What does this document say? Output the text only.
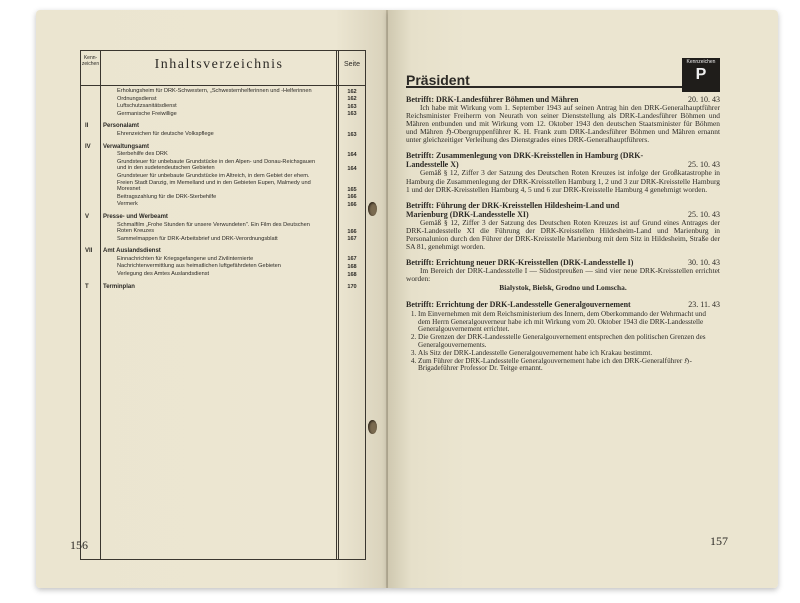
Kenn-zeichen	Inhaltsverzeichnis	Seite
Erholungsheim für DRK-Schwestern, „Schwesternhelferinnen und -Helferinnen	162
Ordnungsdienst	162
Luftschutzsanitätsdienst	163
Germanische Freiwillige	163
II	Personalamt
Ehrenzeichen für deutsche Volkspflege	163
IV	Verwaltungsamt
Sterbehilfe des DRK	164
Grundsteuer für unbebaute Grundstücke in den Alpen- und Donau-Reichsgauen und in den sudetendeutschen Gebieten	164
Grundsteuer für unbebaute Grundstücke im Altreich, in dem Gebiet der ehem. Freien Stadt Danzig, im Memelland und in den Gebieten Eupen, Malmedy und Moresnet	165
Beitragszahlung für die DRK-Sterbehilfe	166
Vermerk	166
V	Presse- und Werbeamt
Schmalfilm „Frohe Stunden für unsere Verwundeten". Ein Film des Deutschen Roten Kreuzes	166
Sammelmappen für DRK-Arbeitsbrief und DRK-Verordnungsblatt	167
VII	Amt Auslandsdienst
Einnachrichten für Kriegsgefangene und Zivilinternierte	167
Nachrichtenvermittlung aus heimatlichen luftgefährdeten Gebieten	168
Verlegung des Amtes Auslandsdienst	168
T	Terminplan	170
156	157
Präsident
Kennzeichen
P
Betrifft: DRK-Landesführer Böhmen und Mähren	20. 10. 43
Ich habe mit Wirkung vom 1. September 1943 auf seinen Antrag hin den DRK-Generalhauptführer Reichsminister Freiherrn von Neurath von seiner Dienststellung als DRK-Landesführer Böhmen und Mähren entbunden und mit Wirkung vom 12. Oktober 1943 den deutschen Staatsminister für Böhmen und Mähren ℌ-Obergruppenführer K. H. Frank zum DRK-Landesführer Böhmen und Mähren ernannt unter gleichzeitiger Verleihung des Dienstgrades eines DRK-Generalhauptführers.
Betrifft: Zusammenlegung von DRK-Kreisstellen in Hamburg (DRK-Landesstelle X)	25. 10. 43
Gemäß § 12, Ziffer 3 der Satzung des Deutschen Roten Kreuzes ist infolge der Großkatastrophe in Hamburg die Zusammenlegung der DRK-Kreisstellen Hamburg 1, 2 und 3 zur DRK-Kreisstelle Hamburg 1 und der DRK-Kreisstellen Hamburg 4, 5 und 6 zur DRK-Kreisstelle Hamburg 4 genehmigt worden.
Betrifft: Führung der DRK-Kreisstellen Hildesheim-Land und Marienburg (DRK-Landesstelle XI)	25. 10. 43
Gemäß § 12, Ziffer 3 der Satzung des Deutschen Roten Kreuzes ist auf Grund eines Antrages der DRK-Landesstelle XI die Führung der DRK-Kreisstellen Hildesheim-Land und Marienburg in Personalunion durch den Führer der DRK-Kreisstelle Marienburg mit dem Sitz in Hildesheim, Straße der SA 81, genehmigt worden.
Betrifft: Errichtung neuer DRK-Kreisstellen (DRK-Landesstelle I)	30. 10. 43
Im Bereich der DRK-Landesstelle I — Südostpreußen — sind vier neue DRK-Kreisstellen errichtet worden:
Bialystok, Bielsk, Grodno und Lomscha.
Betrifft: Errichtung der DRK-Landesstelle Generalgouvernement	23. 11. 43
1. Im Einvernehmen mit dem Reichsministerium des Innern, dem Oberkommando der Wehrmacht und dem Herrn Generalgouverneur habe ich mit Wirkung vom 20. Oktober 1943 die DRK-Landesstelle Generalgouvernement errichtet.
2. Die Grenzen der DRK-Landesstelle Generalgouvernement entsprechen den politischen Grenzen des Generalgouvernements.
3. Als Sitz der DRK-Landesstelle Generalgouvernement habe ich Krakau bestimmt.
4. Zum Führer der DRK-Landesstelle Generalgouvernement habe ich den DRK-Generalführer ℌ-Brigadeführer Professor Dr. Teitge ernannt.
